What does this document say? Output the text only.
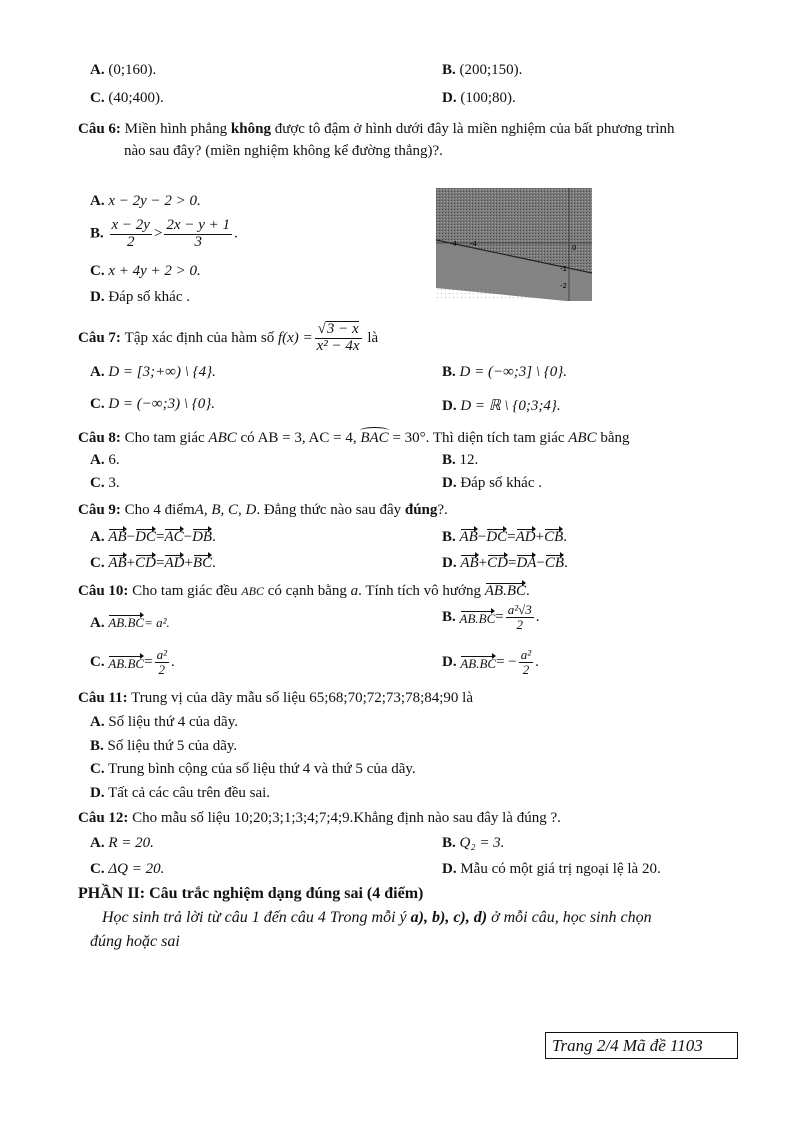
A. (0;160).	B. (200;150).
C. (40;400).	D. (100;80).
Câu 6: Miền hình phẳng không được tô đậm ở hình dưới đây là miền nghiệm của bất phương trình
nào sau đây? (miền nghiệm không kể đường thẳng)?.
A. x − 2y − 2 > 0.
B. $\frac{x - 2y}{2} > \frac{2x - y + 1}{3}$ .
C. x + 4y + 2 > 0.
D. Đáp số khác .
-4 -4
-1
-2
0
Câu 7:
Tập xác định của hàm số
$f(x) = \frac{√3 - x}{\text{x² − 4x}}$
là
A. D = [3;+∞) \ {4}.	B. D = (−∞;3] \ {0}.
C. D = (−∞;3) \ {0}.	D. D = ℝ \ {0;3;4}.
Câu 8: Cho tam giác ABC có AB = 3, AC = 4, BAC = 30°. Thì diện tích tam giác ABC bằng
A. 6.	B. 12.
C. 3.	D. Đáp số khác .
Câu 9: Cho 4 điểmA, B, C, D. Đẳng thức nào sau đây đúng?.
A. AB−DC=AC−DB.	B. AB−DC=AD+CB.
C. AB+CD=AD+BC.	D. AB+CD=DA−CB.
Câu 10: Cho tam giác đều ABC có cạnh bằng a. Tính tích vô hướng AB.BC.
A. AB.BC= a².	B.
$AB.BC = \frac{\text{a²√3}}{2}$ .
C.
$AB.BC = \frac{\text{a²}}{2}$ .	D.
AB.BC = − $\frac{\text{a²}}{2}$ .
Câu 11: Trung vị của dãy mẫu số liệu 65;68;70;72;73;78;84;90 là
A. Số liệu thứ 4 của dãy.
B. Số liệu thứ 5 của dãy.
C. Trung bình cộng của số liệu thứ 4 và thứ 5 của dãy.
D. Tất cả các câu trên đều sai.
Câu 12: Cho mẫu số liệu 10;20;3;1;3;4;7;4;9.Khẳng định nào sau đây là đúng ?.
A. R = 20.	B. Q₂ = 3.
C. ΔQ = 20.	D. Mẫu có một giá trị ngoại lệ là 20.
PHẦN II: Câu trắc nghiệm dạng đúng sai (4 điểm)
Học sinh trả lời từ câu 1 đến câu 4 Trong mỗi ý a), b), c), d) ở mỗi câu, học sinh chọn
đúng hoặc sai
Trang 2/4 Mã đề 1103
